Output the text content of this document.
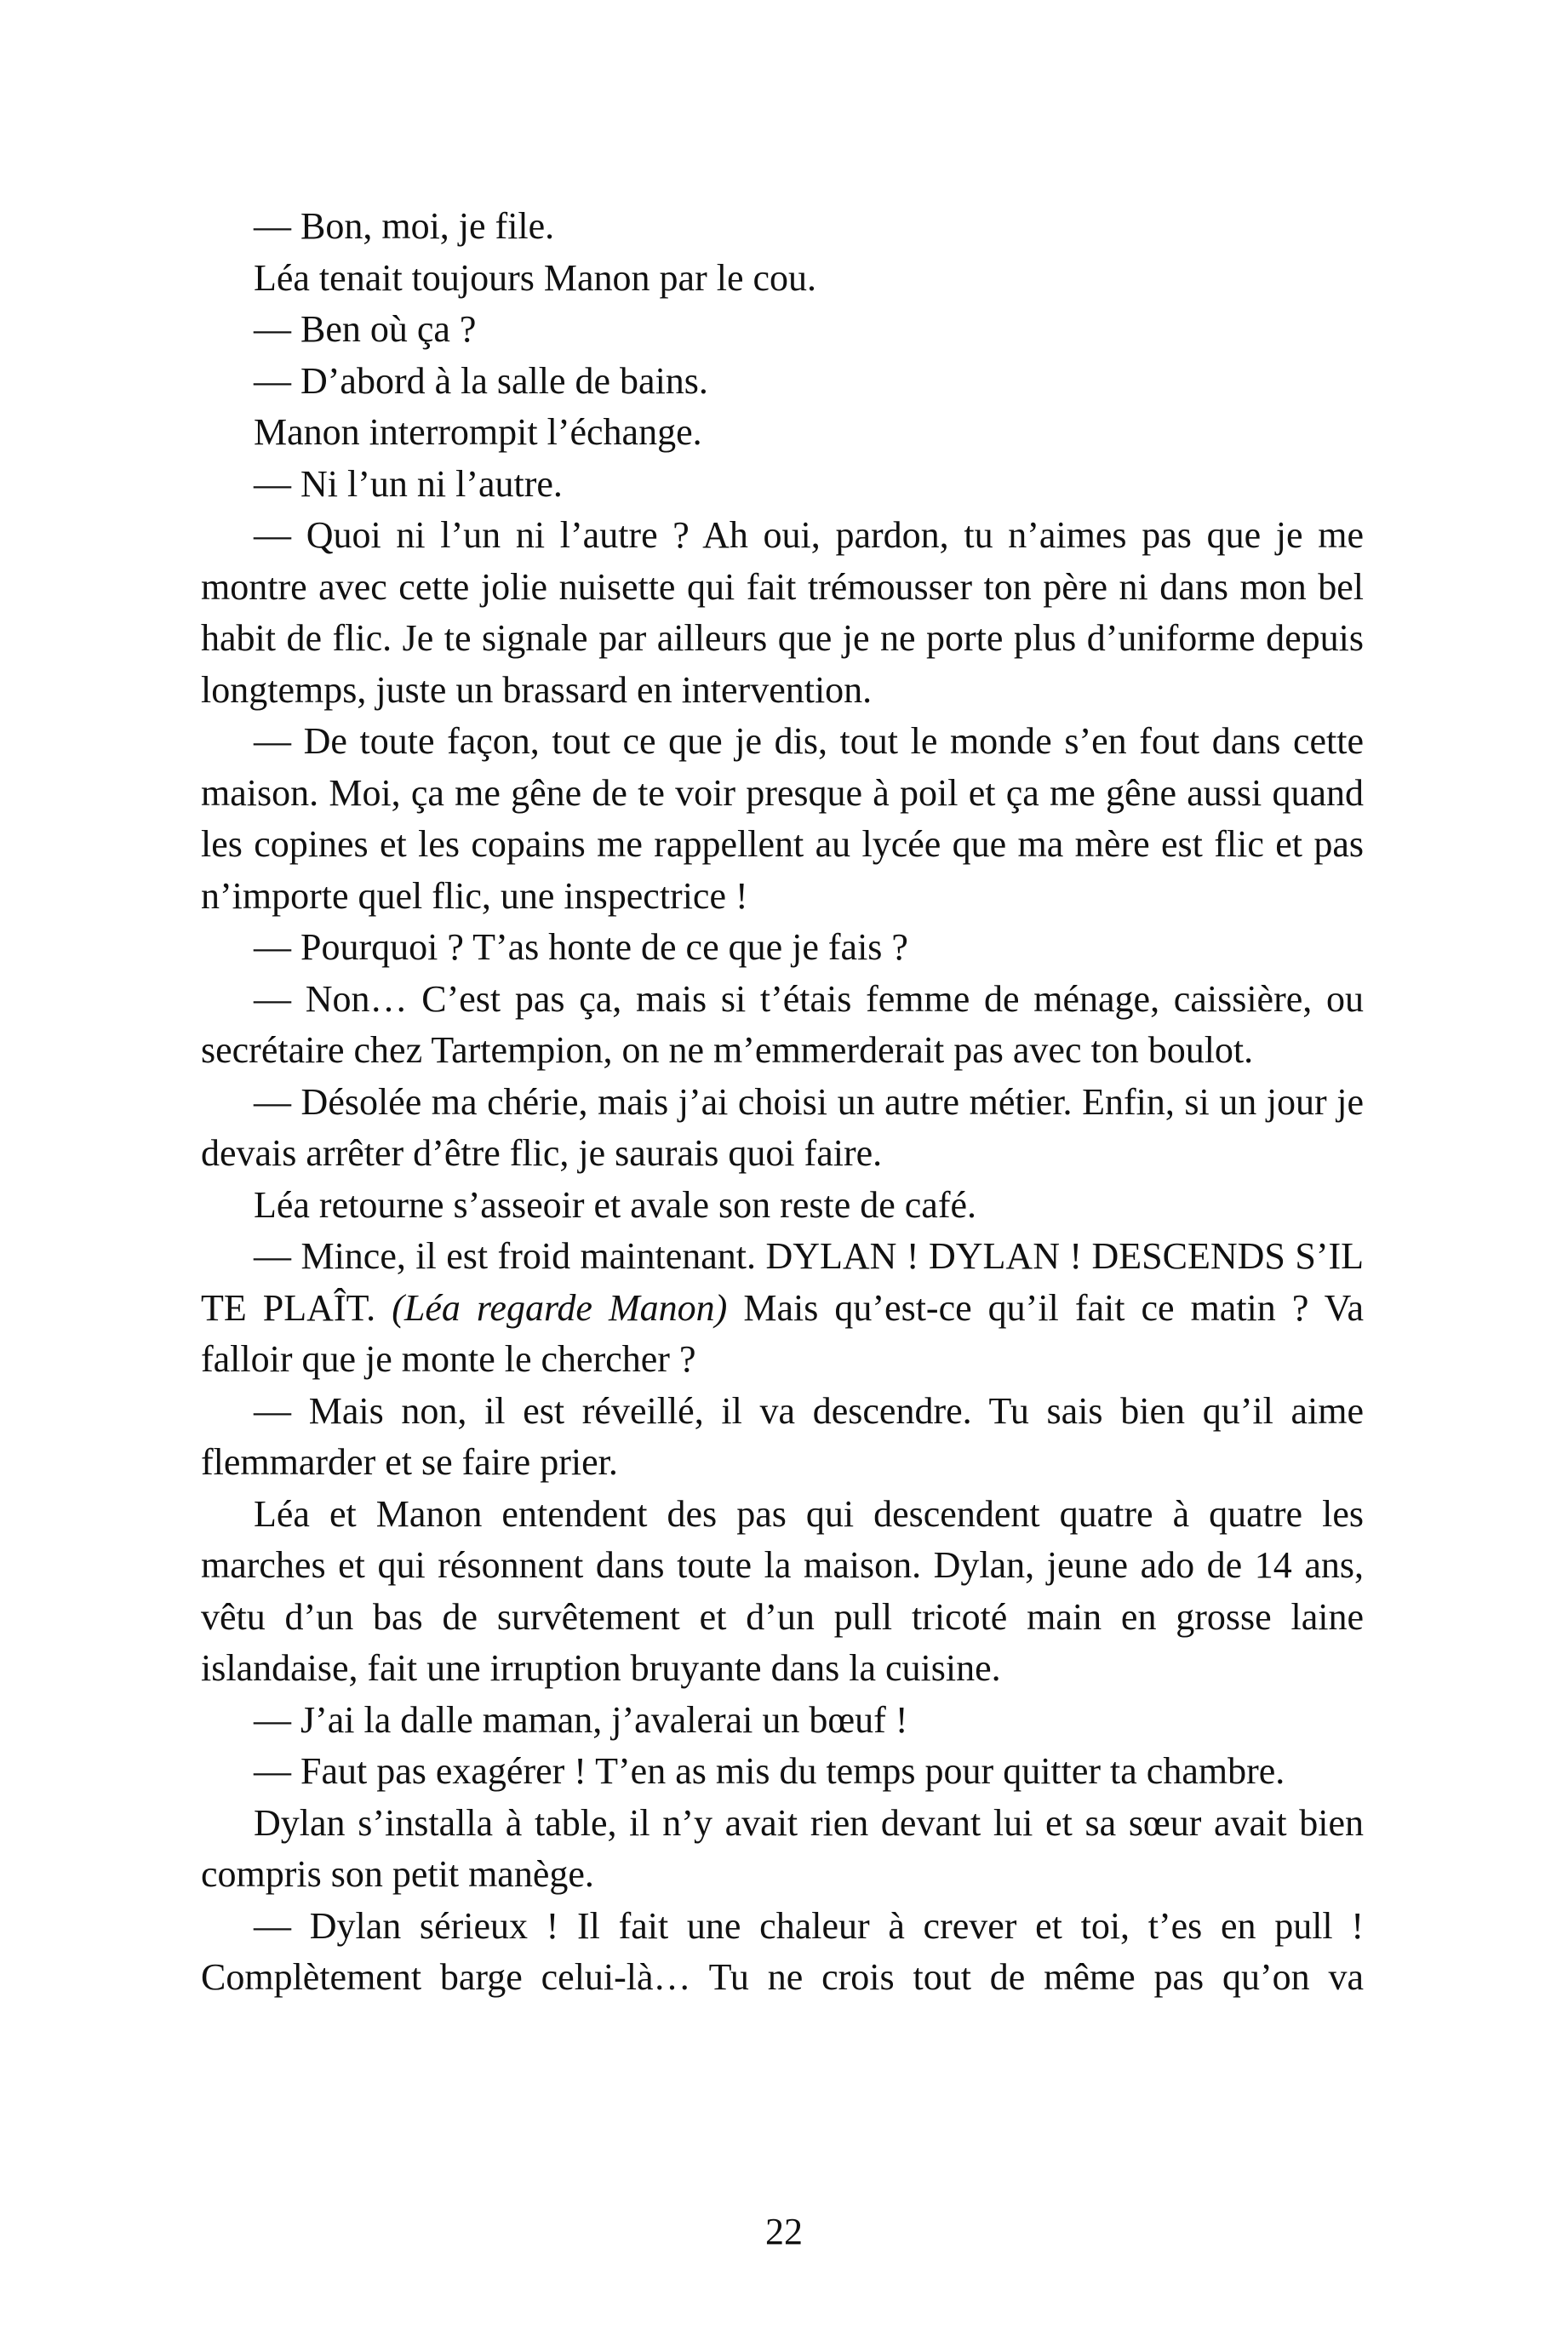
— Bon, moi, je file.

Léa tenait toujours Manon par le cou.

— Ben où ça ?

— D’abord à la salle de bains.

Manon interrompit l’échange.

— Ni l’un ni l’autre.

— Quoi ni l’un ni l’autre ? Ah oui, pardon, tu n’aimes pas que je me montre avec cette jolie nuisette qui fait trémousser ton père ni dans mon bel habit de flic. Je te signale par ailleurs que je ne porte plus d’uniforme depuis longtemps, juste un brassard en intervention.

— De toute façon, tout ce que je dis, tout le monde s’en fout dans cette maison. Moi, ça me gêne de te voir presque à poil et ça me gêne aussi quand les copines et les copains me rappellent au lycée que ma mère est flic et pas n’importe quel flic, une inspectrice !

— Pourquoi ? T’as honte de ce que je fais ?

— Non… C’est pas ça, mais si t’étais femme de ménage, caissière, ou secrétaire chez Tartempion, on ne m’emmerderait pas avec ton boulot.

— Désolée ma chérie, mais j’ai choisi un autre métier. Enfin, si un jour je devais arrêter d’être flic, je saurais quoi faire.

Léa retourne s’asseoir et avale son reste de café.

— Mince, il est froid maintenant. DYLAN ! DYLAN ! DESCENDS S’IL TE PLAÎT. (Léa regarde Manon) Mais qu’est-ce qu’il fait ce matin ? Va falloir que je monte le chercher ?

— Mais non, il est réveillé, il va descendre. Tu sais bien qu’il aime flemmarder et se faire prier.

Léa et Manon entendent des pas qui descendent quatre à quatre les marches et qui résonnent dans toute la maison. Dylan, jeune ado de 14 ans, vêtu d’un bas de survêtement et d’un pull tricoté main en grosse laine islandaise, fait une irruption bruyante dans la cuisine.

— J’ai la dalle maman, j’avalerai un bœuf !

— Faut pas exagérer ! T’en as mis du temps pour quitter ta chambre.

Dylan s’installa à table, il n’y avait rien devant lui et sa sœur avait bien compris son petit manège.

— Dylan sérieux ! Il fait une chaleur à crever et toi, t’es en pull ! Complètement barge celui-là… Tu ne crois tout de même pas qu’on va

22
